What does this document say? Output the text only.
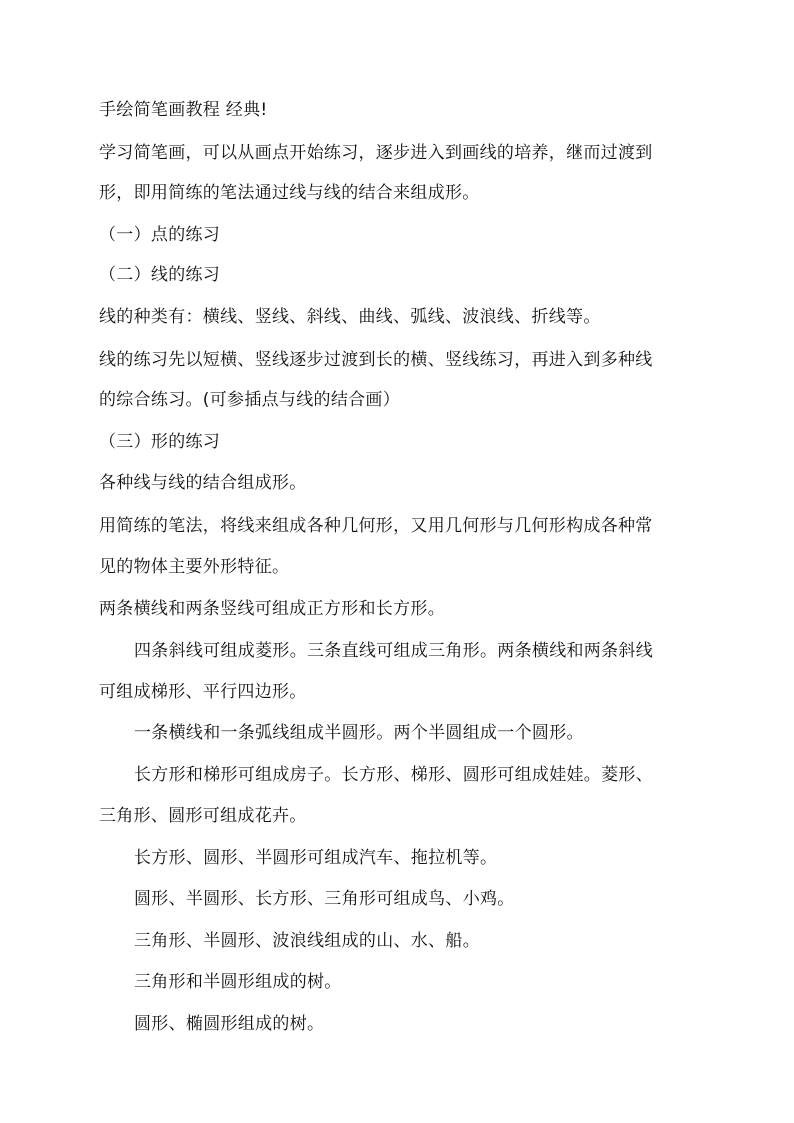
手绘简笔画教程 经典!
学习简笔画，可以从画点开始练习，逐步进入到画线的培养，继而过渡到
形，即用简练的笔法通过线与线的结合来组成形。
（一）点的练习
（二）线的练习
线的种类有：横线、竖线、斜线、曲线、弧线、波浪线、折线等。
线的练习先以短横、竖线逐步过渡到长的横、竖线练习，再进入到多种线
的综合练习。(可参插点与线的结合画）
（三）形的练习
各种线与线的结合组成形。
用简练的笔法，将线来组成各种几何形，又用几何形与几何形构成各种常
见的物体主要外形特征。
两条横线和两条竖线可组成正方形和长方形。
四条斜线可组成菱形。三条直线可组成三角形。两条横线和两条斜线
可组成梯形、平行四边形。
一条横线和一条弧线组成半圆形。两个半圆组成一个圆形。
长方形和梯形可组成房子。长方形、梯形、圆形可组成娃娃。菱形、
三角形、圆形可组成花卉。
长方形、圆形、半圆形可组成汽车、拖拉机等。
圆形、半圆形、长方形、三角形可组成鸟、小鸡。
三角形、半圆形、波浪线组成的山、水、船。
三角形和半圆形组成的树。
圆形、椭圆形组成的树。
